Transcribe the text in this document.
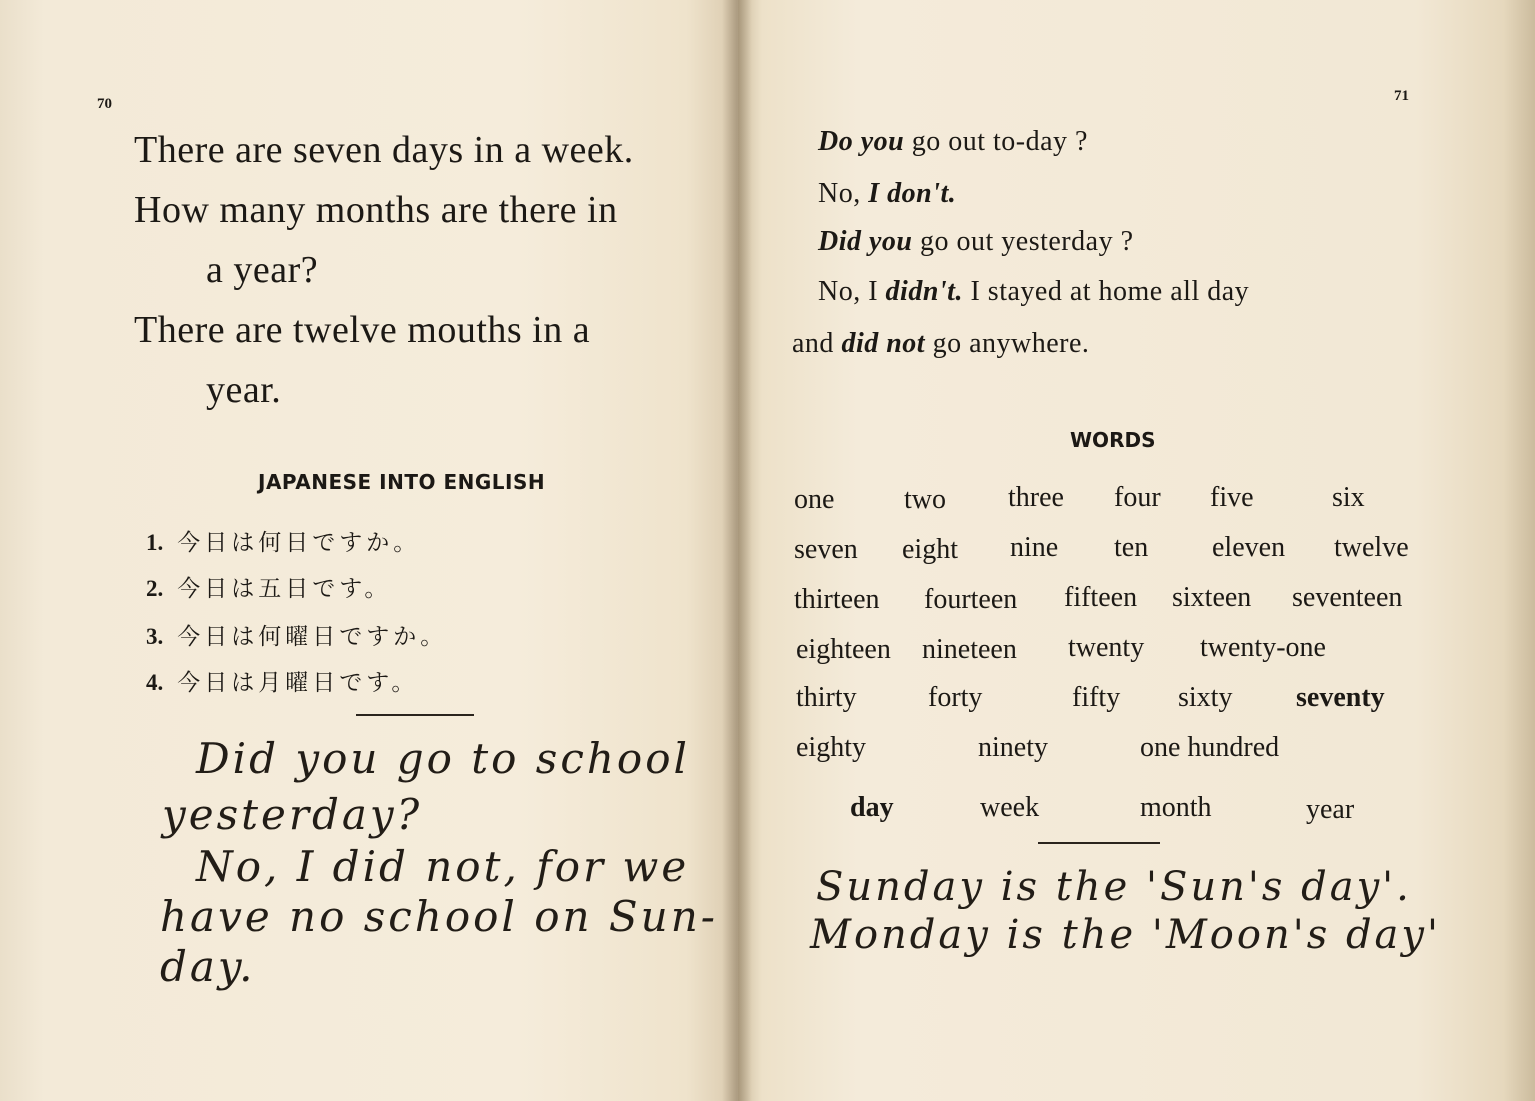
70
There are seven days in a week.
How many months are there in
a year?
There are twelve mouths in a
year.
JAPANESE INTO ENGLISH
1. 今日は何日ですか。
2. 今日は五日です。
3. 今日は何曜日ですか。
4. 今日は月曜日です。
Did you go to school
yesterday?
No, I did not, for we
have no school on Sun-
day.
71
Do you go out to-day ?
No, I don't.
Did you go out yesterday ?
No, I didn't. I stayed at home all day
and did not go anywhere.
WORDS
one two three four five	six
seven eight nine ten eleven twelve
thirteen fourteen fifteen sixteen seventeen
eighteen nineteen twenty twenty-one
thirty	forty	fifty sixty seventy
eighty	ninety	one hundred
day	week	month	year
Sunday is the 'Sun's day'.
Monday is the 'Moon's day'
